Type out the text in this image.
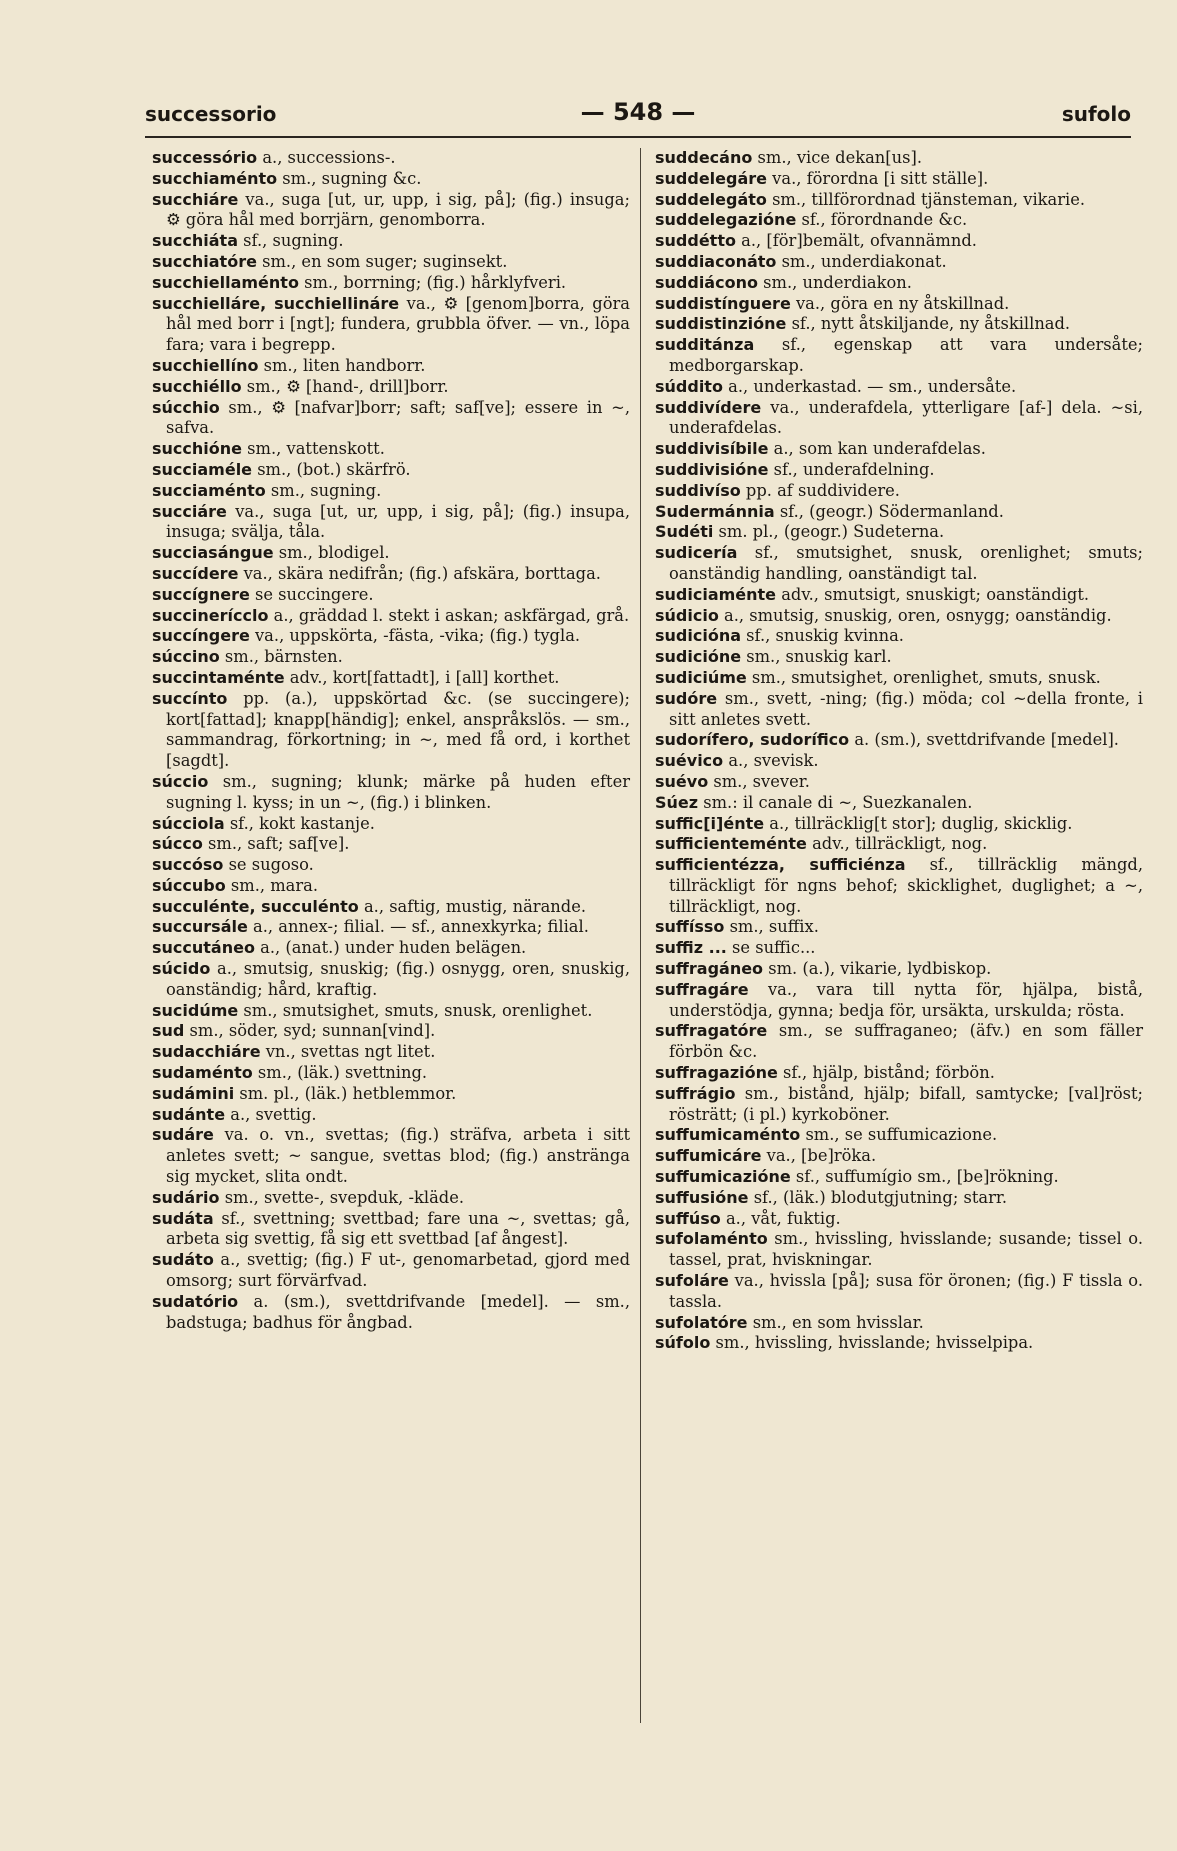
successorio	— 548 —	sufolo

successório a., successions-.

succhiaménto sm., sugning &c.

succhiáre va., suga [ut, ur, upp, i sig, på]; (fig.) insuga; ⚙ göra hål med borrjärn, genomborra.

succhiáta sf., sugning.

succhiatóre sm., en som suger; suginsekt.

succhiellaménto sm., borrning; (fig.) hårklyfveri.

succhielláre, succhiellináre va., ⚙ [genom]borra, göra hål med borr i [ngt]; fundera, grubbla öfver. — vn., löpa fara; vara i begrepp.

succhiellíno sm., liten handborr.

succhiéllo sm., ⚙ [hand-, drill]borr.

súcchio sm., ⚙ [nafvar]borr; saft; saf[ve]; essere in ~, safva.

succhióne sm., vattenskott.

succiaméle sm., (bot.) skärfrö.

succiaménto sm., sugning.

succiáre va., suga [ut, ur, upp, i sig, på]; (fig.) insupa, insuga; svälja, tåla.

succiasángue sm., blodigel.

succídere va., skära nedifrån; (fig.) afskära, borttaga.

succígnere se succingere.

succinerícclo a., gräddad l. stekt i askan; askfärgad, grå.

succíngere va., uppskörta, -fästa, -vika; (fig.) tygla.

súccino sm., bärnsten.

succintaménte adv., kort[fattadt], i [all] korthet.

succínto pp. (a.), uppskörtad &c. (se succingere); kort[fattad]; knapp[händig]; enkel, anspråkslös. — sm., sammandrag, förkortning; in ~, med få ord, i korthet [sagdt].

súccio sm., sugning; klunk; märke på huden efter sugning l. kyss; in un ~, (fig.) i blinken.

súcciola sf., kokt kastanje.

súcco sm., saft; saf[ve].

succóso se sugoso.

súccubo sm., mara.

succulénte, succulénto a., saftig, mustig, närande.

succursále a., annex-; filial. — sf., annexkyrka; filial.

succutáneo a., (anat.) under huden belägen.

súcido a., smutsig, snuskig; (fig.) osnygg, oren, snuskig, oanständig; hård, kraftig.

sucidúme sm., smutsighet, smuts, snusk, orenlighet.

sud sm., söder, syd; sunnan[vind].

sudacchiáre vn., svettas ngt litet.

sudaménto sm., (läk.) svettning.

sudámini sm. pl., (läk.) hetblemmor.

sudánte a., svettig.

sudáre va. o. vn., svettas; (fig.) sträfva, arbeta i sitt anletes svett; ~ sangue, svettas blod; (fig.) anstränga sig mycket, slita ondt.

sudário sm., svette-, svepduk, -kläde.

sudáta sf., svettning; svettbad; fare una ~, svettas; gå, arbeta sig svettig, få sig ett svettbad [af ångest].

sudáto a., svettig; (fig.) F ut-, genomarbetad, gjord med omsorg; surt förvärfvad.

sudatório a. (sm.), svettdrifvande [medel]. — sm., badstuga; badhus för ångbad.

suddecáno sm., vice dekan[us].

suddelegáre va., förordna [i sitt ställe].

suddelegáto sm., tillförordnad tjänsteman, vikarie.

suddelegazióne sf., förordnande &c.

suddétto a., [för]bemält, ofvannämnd.

suddiaconáto sm., underdiakonat.

suddiácono sm., underdiakon.

suddistínguere va., göra en ny åtskillnad.

suddistinzióne sf., nytt åtskiljande, ny åtskillnad.

sudditánza sf., egenskap att vara undersåte; medborgarskap.

súddito a., underkastad. — sm., undersåte.

suddivídere va., underafdela, ytterligare [af-] dela. ~si, underafdelas.

suddivisíbile a., som kan underafdelas.

suddivisióne sf., underafdelning.

suddivíso pp. af suddividere.

Sudermánnia sf., (geogr.) Södermanland.

Sudéti sm. pl., (geogr.) Sudeterna.

sudicería sf., smutsighet, snusk, orenlighet; smuts; oanständig handling, oanständigt tal.

sudiciaménte adv., smutsigt, snuskigt; oanständigt.

súdicio a., smutsig, snuskig, oren, osnygg; oanständig.

sudicióna sf., snuskig kvinna.

sudicióne sm., snuskig karl.

sudiciúme sm., smutsighet, orenlighet, smuts, snusk.

sudóre sm., svett, -ning; (fig.) möda; col ~della fronte, i sitt anletes svett.

sudorífero, sudorífico a. (sm.), svettdrifvande [medel].

suévico a., svevisk.

suévo sm., svever.

Súez sm.: il canale di ~, Suezkanalen.

suffic[i]énte a., tillräcklig[t stor]; duglig, skicklig.

sufficienteménte adv., tillräckligt, nog.

sufficientézza, sufficiénza sf., tillräcklig mängd, tillräckligt för ngns behof; skicklighet, duglighet; a ~, tillräckligt, nog.

suffísso sm., suffix.

suffiz ... se suffic...

suffragáneo sm. (a.), vikarie, lydbiskop.

suffragáre va., vara till nytta för, hjälpa, bistå, understödja, gynna; bedja för, ursäkta, urskulda; rösta.

suffragatóre sm., se suffraganeo; (äfv.) en som fäller förbön &c.

suffragazióne sf., hjälp, bistånd; förbön.

suffrágio sm., bistånd, hjälp; bifall, samtycke; [val]röst; rösträtt; (i pl.) kyrkoböner.

suffumicaménto sm., se suffumicazione.

suffumicáre va., [be]röka.

suffumicazióne sf., suffumígio sm., [be]rökning.

suffusióne sf., (läk.) blodutgjutning; starr.

suffúso a., våt, fuktig.

sufolaménto sm., hvissling, hvisslande; susande; tissel o. tassel, prat, hviskningar.

sufoláre va., hvissla [på]; susa för öronen; (fig.) F tissla o. tassla.

sufolatóre sm., en som hvisslar.

súfolo sm., hvissling, hvisslande; hvisselpipa.
